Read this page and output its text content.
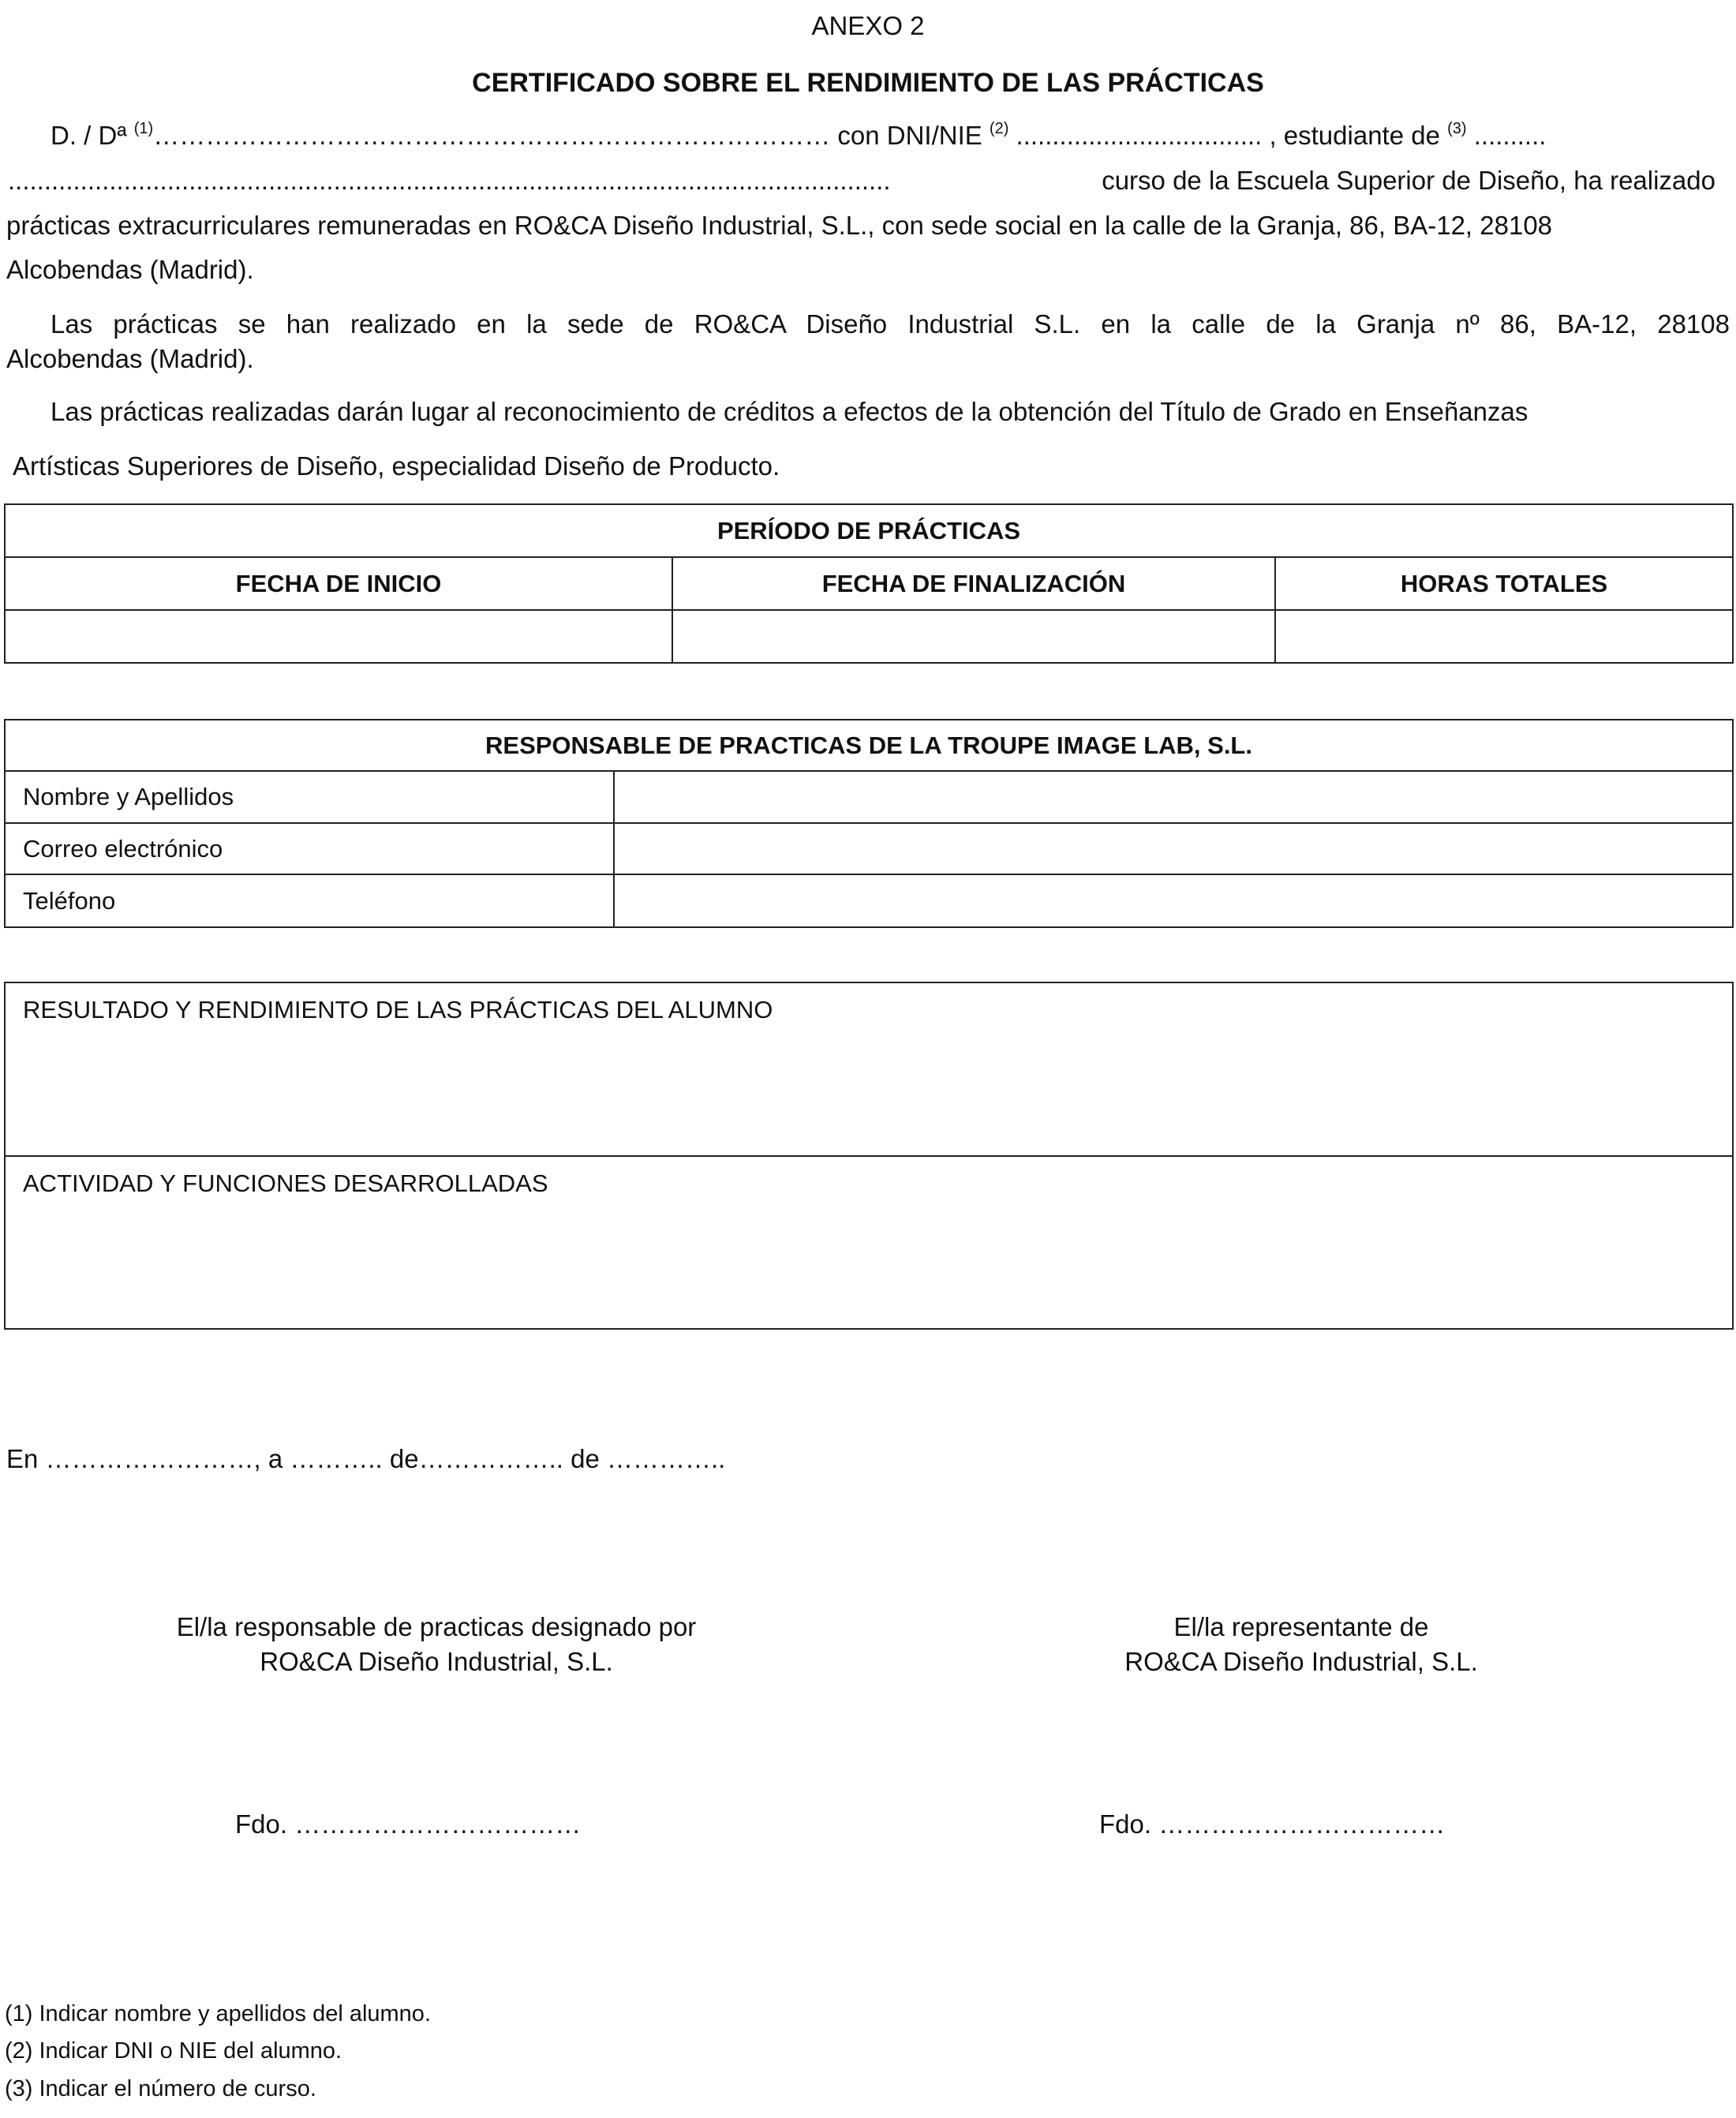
ANEXO 2
CERTIFICADO SOBRE EL RENDIMIENTO DE LAS PRÁCTICAS
D. / Dª $^{(1)}$…………………………………………………………………… con DNI/NIE $^{(2)}$ .................................. , estudiante de $^{(3)}$ ..........
..........................................................................................................................	curso de la Escuela Superior de Diseño, ha realizado
prácticas extracurriculares remuneradas en RO&CA Diseño Industrial, S.L., con sede social en la calle de la Granja, 86, BA-12, 28108
Alcobendas (Madrid).
Las prácticas se han realizado en la sede de RO&CA Diseño Industrial S.L. en la calle de la Granja nº 86, BA-12, 28108
Alcobendas (Madrid).
Las prácticas realizadas darán lugar al reconocimiento de créditos a efectos de la obtención del Título de Grado en Enseñanzas
Artísticas Superiores de Diseño, especialidad Diseño de Producto.
PERÍODO DE PRÁCTICAS		
FECHA DE INICIO	FECHA DE FINALIZACIÓN	HORAS TOTALES

RESPONSABLE DE PRACTICAS DE LA TROUPE IMAGE LAB, S.L.	
Nombre y Apellidos	
Correo electrónico	
Teléfono	
RESULTADO Y RENDIMIENTO DE LAS PRÁCTICAS DEL ALUMNO
ACTIVIDAD Y FUNCIONES DESARROLLADAS
En ……………………, a ……….. de…………….. de …………..
El/la responsable de practicas designado por
RO&CA Diseño Industrial, S.L.
El/la representante de
RO&CA Diseño Industrial, S.L.
Fdo. ……………………………	Fdo. ……………………………
(1) Indicar nombre y apellidos del alumno.
(2) Indicar DNI o NIE del alumno.
(3) Indicar el número de curso.
